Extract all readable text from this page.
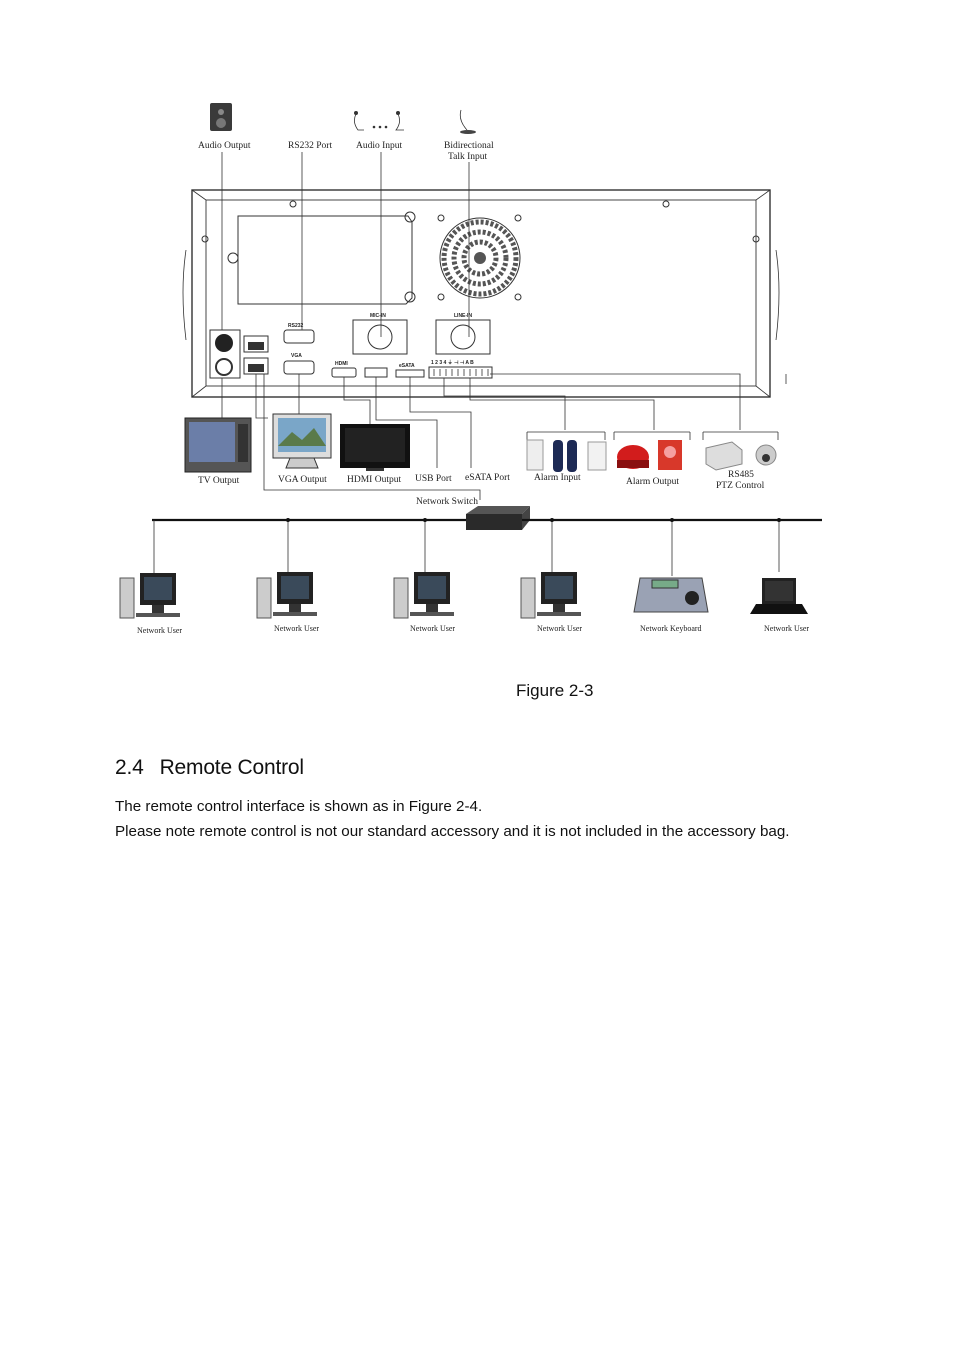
Audio Output	RS232 Port	Audio Input	Bidirectional
Talk Input
RS232
VGA
MIC-IN	LINE-IN
HDMI	eSATA	1 2 3 4 ⏚ ⊣ ⊣ A B
TV Output	VGA Output HDMI Output USB Port eSATA Port	Alarm Input	Alarm Output
RS485
PTZ Control
Network Switch
Network User	Network User	Network User	Network User	Network Keyboard	Network User
Figure 2-3
2.4 Remote Control

The remote control interface is shown as in Figure 2-4.

Please note remote control is not our standard accessory and it is not included in the accessory bag.
